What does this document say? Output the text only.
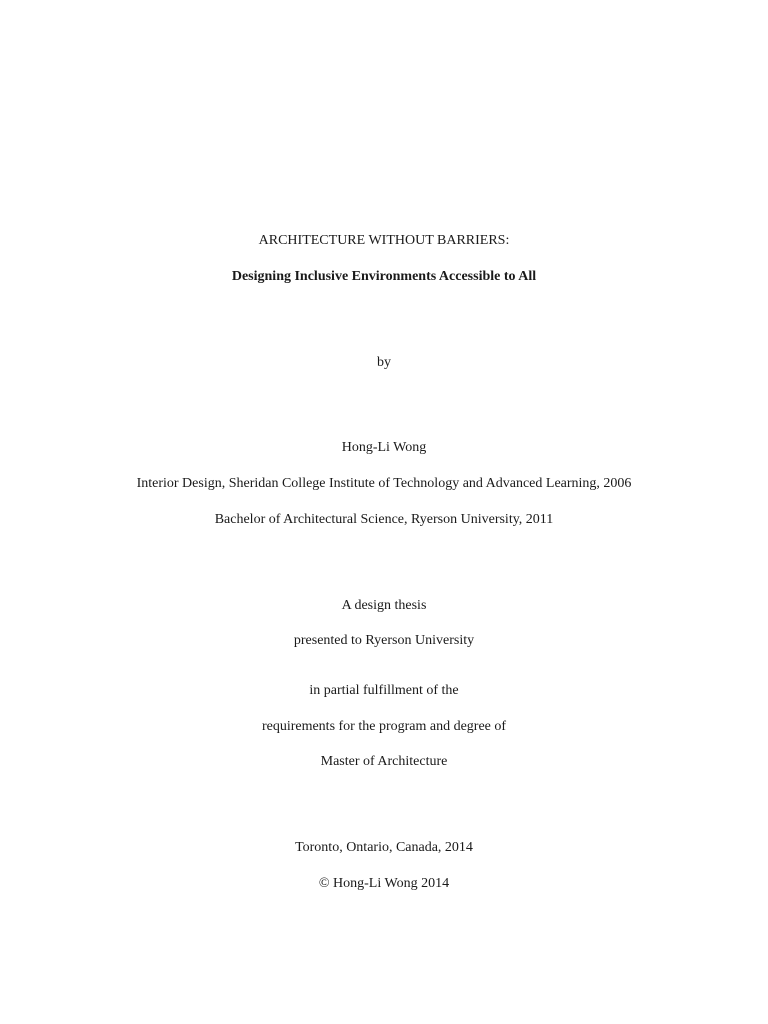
ARCHITECTURE WITHOUT BARRIERS:
Designing Inclusive Environments Accessible to All
by
Hong-Li Wong
Interior Design, Sheridan College Institute of Technology and Advanced Learning, 2006
Bachelor of Architectural Science, Ryerson University, 2011
A design thesis
presented to Ryerson University
in partial fulfillment of the
requirements for the program and degree of
Master of Architecture
Toronto, Ontario, Canada, 2014
© Hong-Li Wong 2014
